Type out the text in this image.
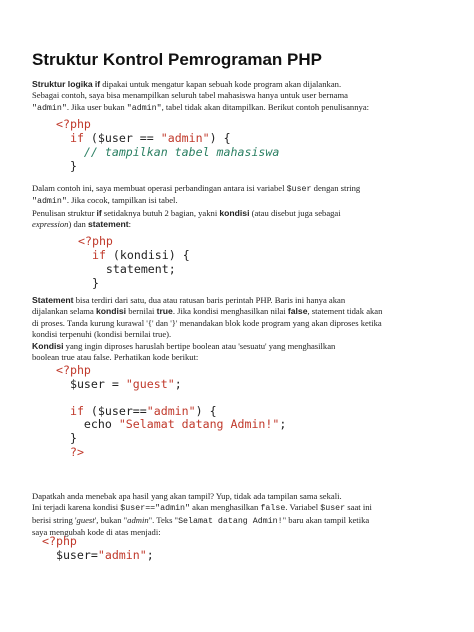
Struktur Kontrol Pemrograman PHP
Struktur logika if dipakai untuk mengatur kapan sebuah kode program akan dijalankan.
Sebagai contoh, saya bisa menampilkan seluruh tabel mahasiswa hanya untuk user bernama
"admin". Jika user bukan "admin", tabel tidak akan ditampilkan. Berikut contoh penulisannya:
<?php
if ($user == "admin") {
// tampilkan tabel mahasiswa
}
Dalam contoh ini, saya membuat operasi perbandingan antara isi variabel $user dengan string
"admin". Jika cocok, tampilkan isi tabel.
Penulisan struktur if setidaknya butuh 2 bagian, yakni kondisi (atau disebut juga sebagai
expression) dan statement:
<?php
if (kondisi) {
statement;
}
Statement bisa terdiri dari satu, dua atau ratusan baris perintah PHP. Baris ini hanya akan
dijalankan selama kondisi bernilai true. Jika kondisi menghasilkan nilai false, statement tidak akan
di proses. Tanda kurung kurawal '{' dan '}' menandakan blok kode program yang akan diproses ketika
kondisi terpenuhi (kondisi bernilai true).
Kondisi yang ingin diproses haruslah bertipe boolean atau 'sesuatu' yang menghasilkan
boolean true atau false. Perhatikan kode berikut:
<?php
$user = "guest";

if ($user=="admin") {
echo "Selamat datang Admin!";
}
?>
Dapatkah anda menebak apa hasil yang akan tampil? Yup, tidak ada tampilan sama sekali.
Ini terjadi karena kondisi $user=="admin" akan menghasilkan false. Variabel $user saat ini
berisi string 'guest', bukan "admin". Teks "Selamat datang Admin!" baru akan tampil ketika
saya mengubah kode di atas menjadi:
<?php
$user="admin";
